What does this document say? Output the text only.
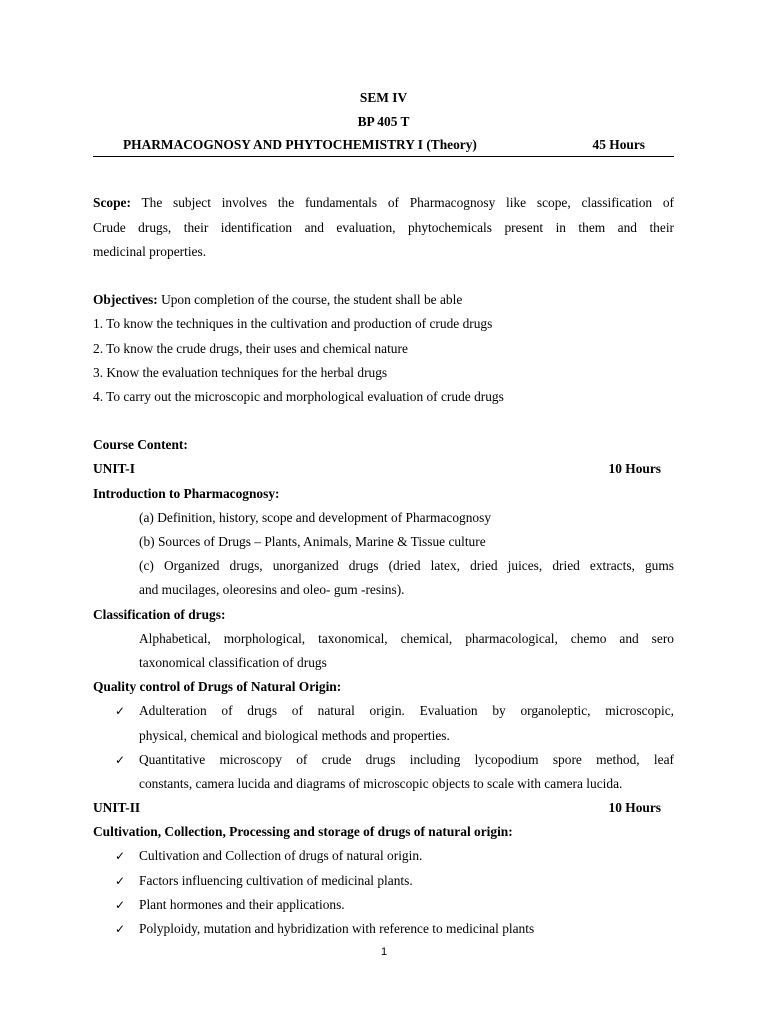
SEM IV
BP 405 T
PHARMACOGNOSY AND PHYTOCHEMISTRY I (Theory)	45 Hours
Scope: The subject involves the fundamentals of Pharmacognosy like scope, classification of
Crude drugs, their identification and evaluation, phytochemicals present in them and their
medicinal properties.
Objectives: Upon completion of the course, the student shall be able
1. To know the techniques in the cultivation and production of crude drugs
2. To know the crude drugs, their uses and chemical nature
3. Know the evaluation techniques for the herbal drugs
4. To carry out the microscopic and morphological evaluation of crude drugs
Course Content:
UNIT-I	10 Hours
Introduction to Pharmacognosy:
(a) Definition, history, scope and development of Pharmacognosy
(b) Sources of Drugs – Plants, Animals, Marine & Tissue culture
(c) Organized drugs, unorganized drugs (dried latex, dried juices, dried extracts, gums
and mucilages, oleoresins and oleo- gum -resins).
Classification of drugs:
Alphabetical, morphological, taxonomical, chemical, pharmacological, chemo and sero
taxonomical classification of drugs
Quality control of Drugs of Natural Origin:
✓	Adulteration of drugs of natural origin. Evaluation by organoleptic, microscopic,
physical, chemical and biological methods and properties.
✓	Quantitative microscopy of crude drugs including lycopodium spore method, leaf
constants, camera lucida and diagrams of microscopic objects to scale with camera lucida.
UNIT-II	10 Hours
Cultivation, Collection, Processing and storage of drugs of natural origin:
✓	Cultivation and Collection of drugs of natural origin.
✓	Factors influencing cultivation of medicinal plants.
✓	Plant hormones and their applications.
✓	Polyploidy, mutation and hybridization with reference to medicinal plants
1
